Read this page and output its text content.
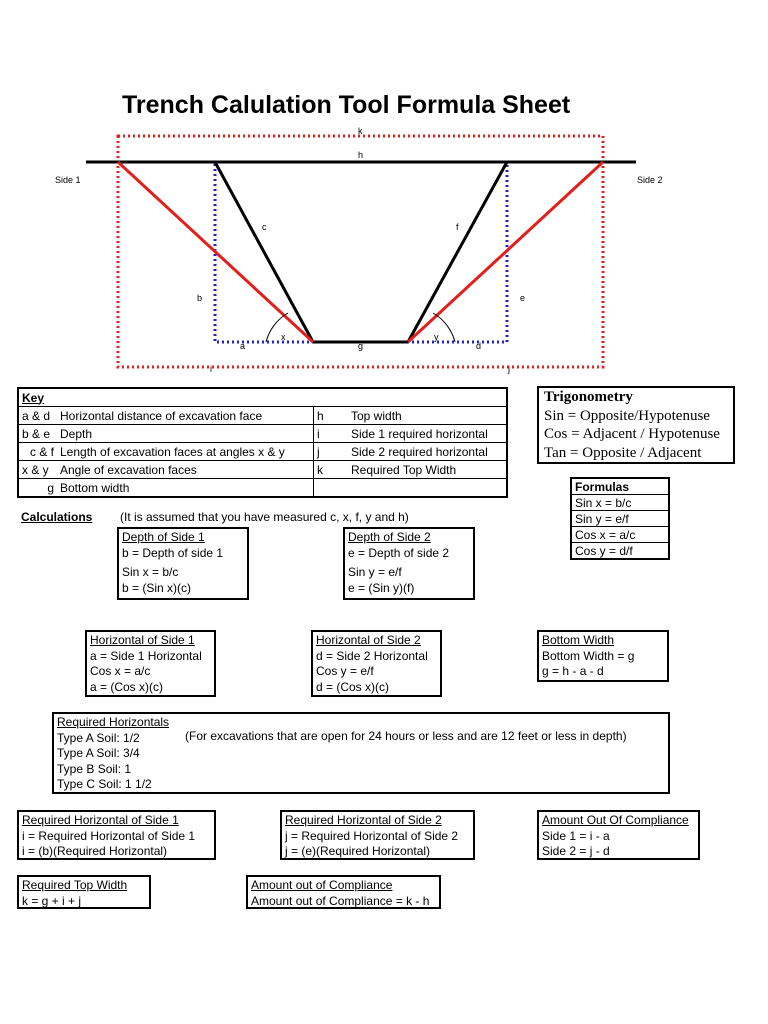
Trench Calulation Tool Formula Sheet
k
h
Side 1	Side 2
c	f
b	e
x	y
a	g	d
i	j
Key			
a & d	Horizontal distance of excavation face	h	Top width
b & e	Depth	i	Side 1 required horizontal
c & f	Length of excavation faces at angles x & y	j	Side 2 required horizontal
x & y	Angle of excavation faces	k	Required Top Width
g	Bottom width		
Trigonometry
Sin = Opposite/Hypotenuse
Cos = Adjacent / Hypotenuse
Tan = Opposite / Adjacent
Formulas
Sin x = b/c
Sin y = e/f
Cos x = a/c
Cos y = d/f
Calculations (It is assumed that you have measured c, x, f, y and h)
Depth of Side 1
b = Depth of side 1
Sin x = b/c
b = (Sin x)(c)
Depth of Side 2
e = Depth of side 2
Sin y = e/f
e = (Sin y)(f)
Horizontal of Side 1
a = Side 1 Horizontal
Cos x = a/c
a = (Cos x)(c)
Horizontal of Side 2
d = Side 2 Horizontal
Cos y = e/f
d = (Cos x)(c)
Bottom Width
Bottom Width = g
g = h - a - d
Required Horizontals
Type A Soil: 1/2
Type A Soil: 3/4
Type B Soil: 1
Type C Soil: 1 1/2
(For excavations that are open for 24 hours or less and are 12 feet or less in depth)
Required Horizontal of Side 1
i = Required Horizontal of Side 1
i = (b)(Required Horizontal)
Required Horizontal of Side 2
j = Required Horizontal of Side 2
j = (e)(Required Horizontal)
Amount Out Of Compliance
Side 1 = i - a
Side 2 = j - d
Required Top Width
k = g + i + j
Amount out of Compliance
Amount out of Compliance = k - h
